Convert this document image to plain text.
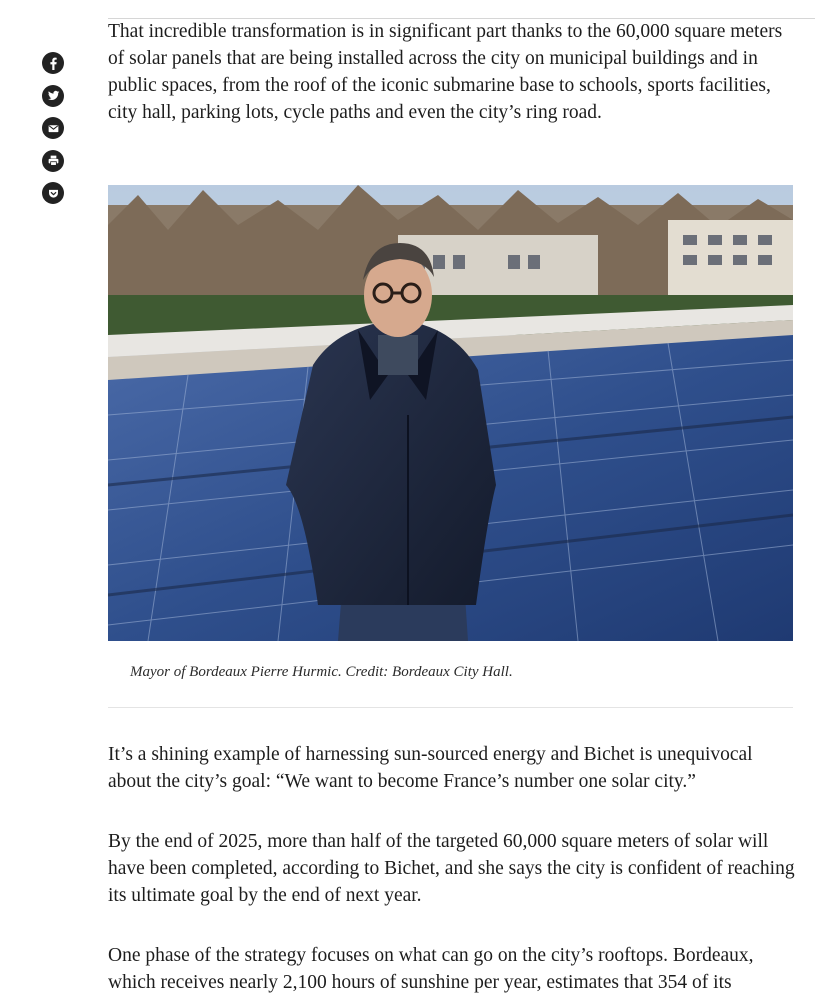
That incredible transformation is in significant part thanks to the 60,000 square meters of solar panels that are being installed across the city on municipal buildings and in public spaces, from the roof of the iconic submarine base to schools, sports facilities, city hall, parking lots, cycle paths and even the city’s ring road.

Mayor of Bordeaux Pierre Hurmic. Credit: Bordeaux City Hall.

It’s a shining example of harnessing sun-sourced energy and Bichet is unequivocal about the city’s goal: “We want to become France’s number one solar city.”

By the end of 2025, more than half of the targeted 60,000 square meters of solar will have been completed, according to Bichet, and she says the city is confident of reaching its ultimate goal by the end of next year.

One phase of the strategy focuses on what can go on the city’s rooftops. Bordeaux, which receives nearly 2,100 hours of sunshine per year, estimates that 354 of its
